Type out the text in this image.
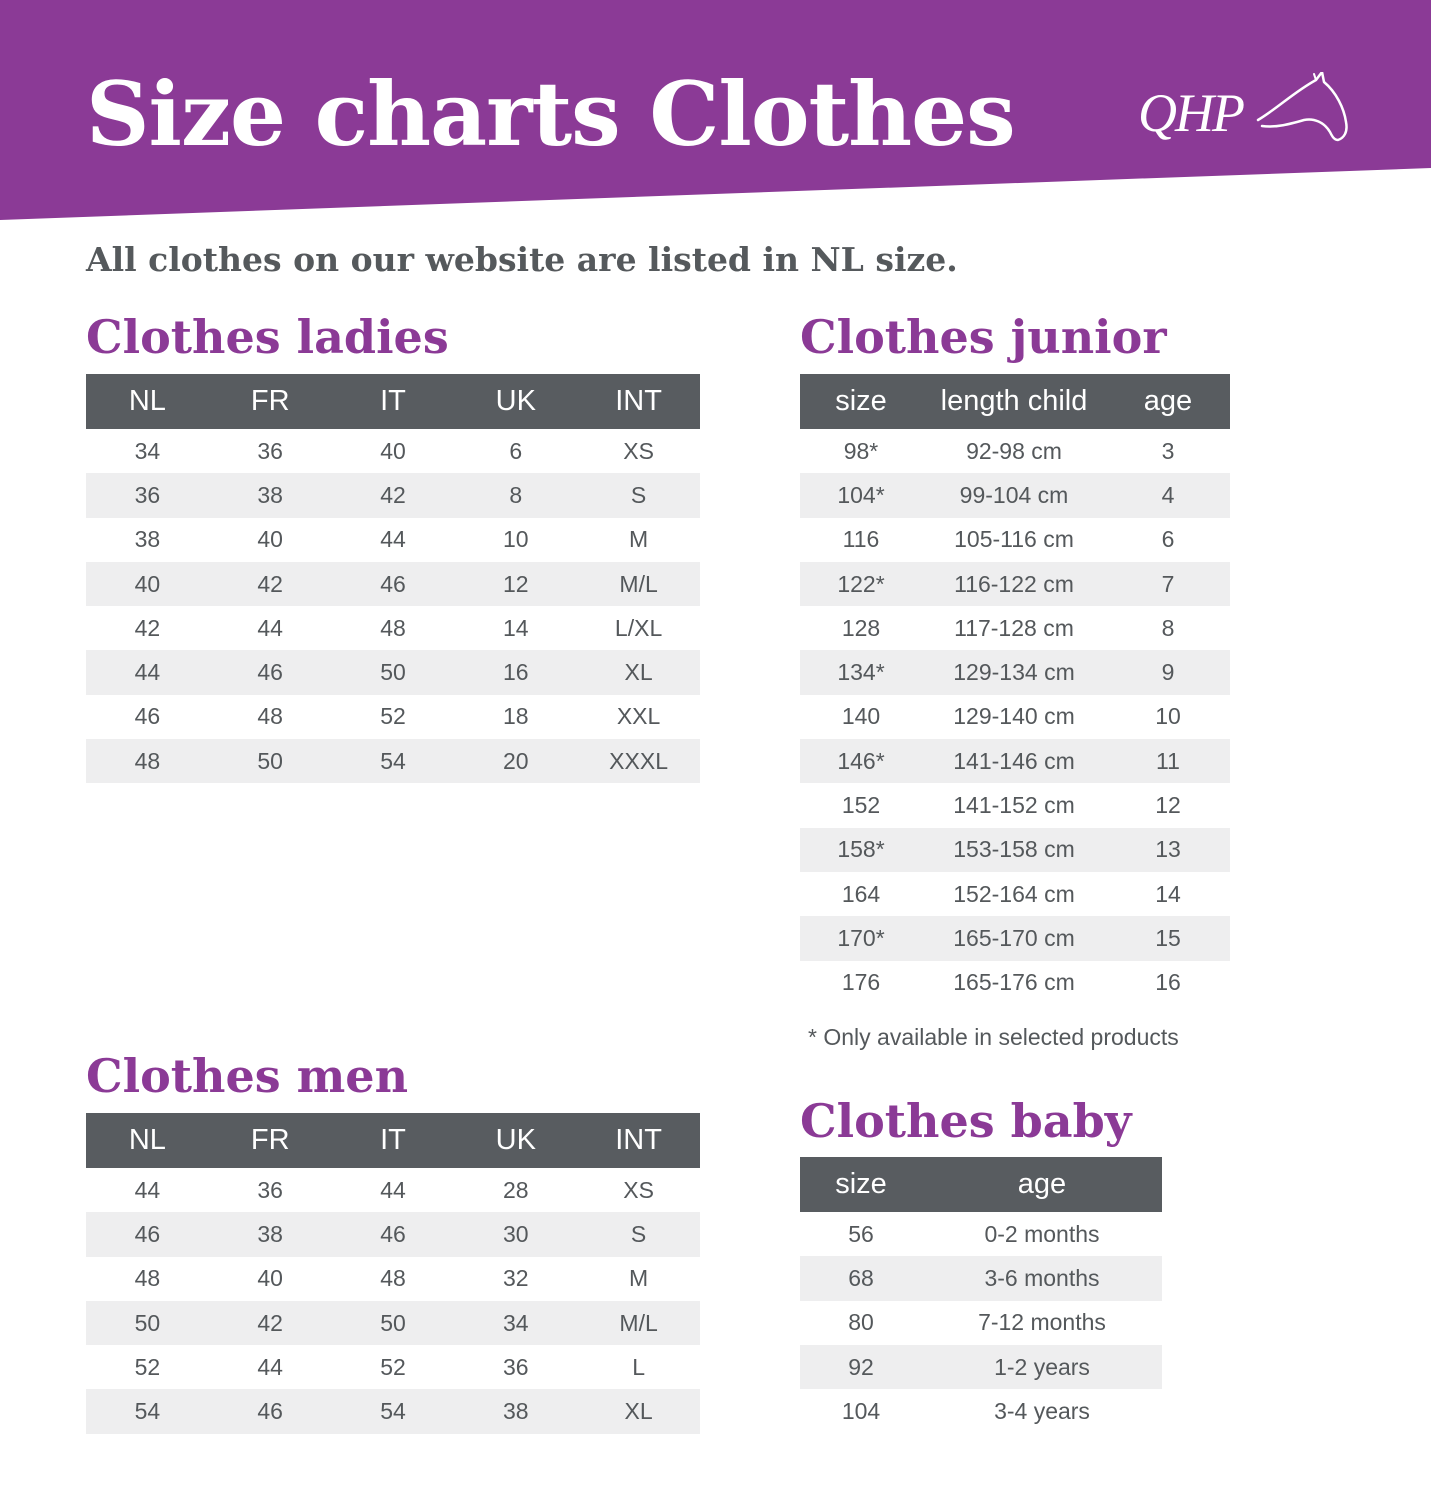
Size charts Clothes QHP

All clothes on our website are listed in NL size.

Clothes ladies
NL	FR	IT	UK	INT
34	36	40	6	XS
36	38	42	8	S
38	40	44	10	M
40	42	46	12	M/L
42	44	48	14	L/XL
44	46	50	16	XL
46	48	52	18	XXL
48	50	54	20	XXXL
Clothes junior
size	length child	age
98*	92-98 cm	3
104*	99-104 cm	4
116	105-116 cm	6
122*	116-122 cm	7
128	117-128 cm	8
134*	129-134 cm	9
140	129-140 cm	10
146*	141-146 cm	11
152	141-152 cm	12
158*	153-158 cm	13
164	152-164 cm	14
170*	165-170 cm	15
176	165-176 cm	16

* Only available in selected products

Clothes men
NL	FR	IT	UK	INT
44	36	44	28	XS
46	38	46	30	S
48	40	48	32	M
50	42	50	34	M/L
52	44	52	36	L
54	46	54	38	XL
Clothes baby
size	age
56	0-2 months
68	3-6 months
80	7-12 months
92	1-2 years
104	3-4 years
